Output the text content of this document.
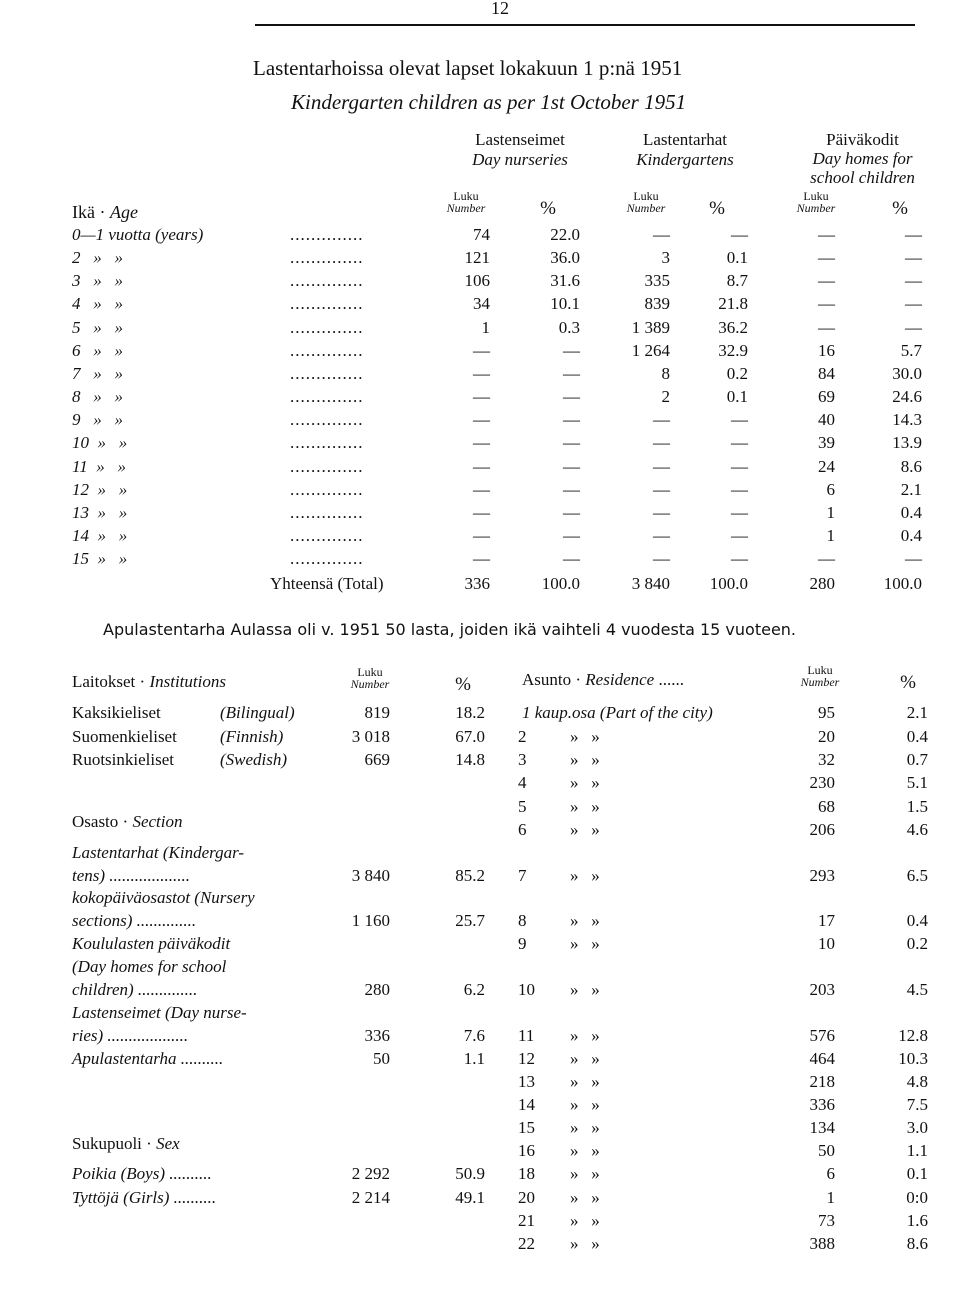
12
Lastentarhoissa olevat lapset lokakuun 1 p:nä 1951
Kindergarten children as per 1st October 1951
Lastenseimet
Day nurseries
Lastentarhat
Kindergartens
Päiväkodit
Day homes for
school children
Ikä · Age
Luku
Number	%
Luku
Number	%
Luku
Number	%
0—1 vuotta (years)	..............	74	22.0	—	—	—	—
2   »   »	..............	121	36.0	3	0.1	—	—
3   »   »	..............	106	31.6	335	8.7	—	—
4   »   »	..............	34	10.1	839	21.8	—	—
5   »   »	..............	1	0.3	1 389	36.2	—	—
6   »   »	..............	—	—	1 264	32.9	16	5.7
7   »   »	..............	—	—	8	0.2	84	30.0
8   »   »	..............	—	—	2	0.1	69	24.6
9   »   »	..............	—	—	—	—	40	14.3
10  »   »	..............	—	—	—	—	39	13.9
11  »   »	..............	—	—	—	—	24	8.6
12  »   »	..............	—	—	—	—	6	2.1
13  »   »	..............	—	—	—	—	1	0.4
14  »   »	..............	—	—	—	—	1	0.4
15  »   »	..............	—	—	—	—	—	—
Yhteensä (Total)	336	100.0	3 840	100.0	280	100.0
Apulastentarha Aulassa oli v. 1951 50 lasta, joiden ikä vaihteli 4 vuodesta 15 vuoteen.
Laitokset · Institutions	Luku
Number	%
Kaksikieliset	(Bilingual)	819	18.2
Suomenkieliset	(Finnish)	3 018	67.0
Ruotsinkieliset	(Swedish)	669	14.8
Osasto · Section
Lastentarhat (Kindergar-
tens) ...................	3 840	85.2
kokopäiväosastot (Nursery
sections) ..............	1 160	25.7
Koululasten päiväkodit
(Day homes for school
children) ..............	280	6.2
Lastenseimet (Day nurse-
ries) ...................	336	7.6
Apulastentarha ..........	50	1.1
Sukupuoli · Sex
Poikia (Boys) ..........	2 292	50.9
Tyttöjä (Girls) ..........	2 214	49.1
Asunto · Residence ......	Luku
Number	%
1 kaup.osa (Part of the city)	95	2.1
2	»   »	20	0.4
3	»   »	32	0.7
4	»   »	230	5.1
5	»   »	68	1.5
6	»   »	206	4.6
7	»   »	293	6.5
8	»   »	17	0.4
9	»   »	10	0.2
10	»   »	203	4.5
11	»   »	576	12.8
12	»   »	464	10.3
13	»   »	218	4.8
14	»   »	336	7.5
15	»   »	134	3.0
16	»   »	50	1.1
18	»   »	6	0.1
20	»   »	1	0:0
21	»   »	73	1.6
22	»   »	388	8.6
